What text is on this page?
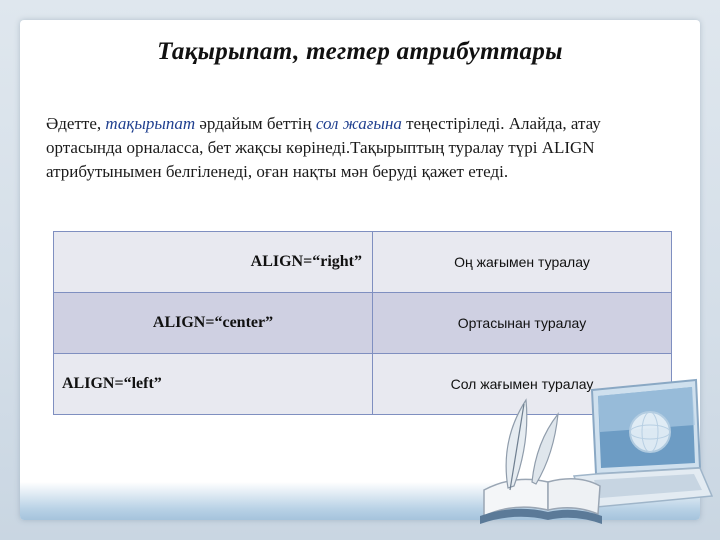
Тақырыпат, тегтер атрибуттары
Әдетте, тақырыпат әрдайым беттің сол жағына теңестіріледі. Алайда, атау ортасында орналасса, бет жақсы көрінеді.Тақырыптың туралау түрі ALIGN атрибутынымен белгіленеді, оған нақты мән беруді қажет етеді.
ALIGN=“right”	Оң жағымен туралау
ALIGN=“center”	Ортасынан туралау
ALIGN=“left”	Сол жағымен туралау
